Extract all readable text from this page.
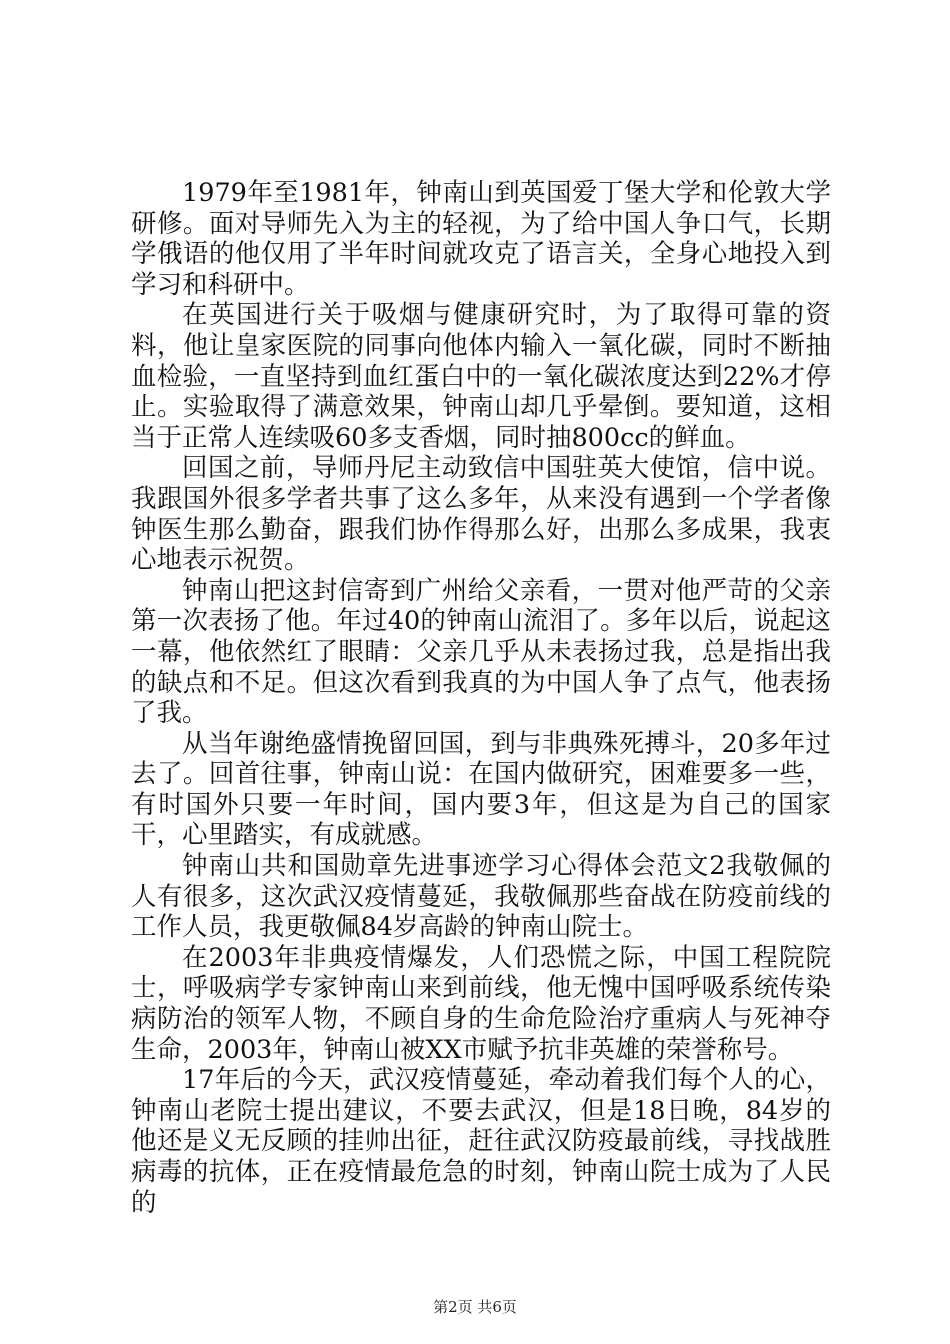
1979年至1981年，钟南山到英国爱丁堡大学和伦敦大学研修。面对导师先入为主的轻视，为了给中国人争口气，长期学俄语的他仅用了半年时间就攻克了语言关，全身心地投入到学习和科研中。

在英国进行关于吸烟与健康研究时，为了取得可靠的资料，他让皇家医院的同事向他体内输入一氧化碳，同时不断抽血检验，一直坚持到血红蛋白中的一氧化碳浓度达到22%才停止。实验取得了满意效果，钟南山却几乎晕倒。要知道，这相当于正常人连续吸60多支香烟，同时抽800cc的鲜血。

回国之前，导师丹尼主动致信中国驻英大使馆，信中说。我跟国外很多学者共事了这么多年，从来没有遇到一个学者像钟医生那么勤奋，跟我们协作得那么好，出那么多成果，我衷心地表示祝贺。

钟南山把这封信寄到广州给父亲看，一贯对他严苛的父亲第一次表扬了他。年过40的钟南山流泪了。多年以后，说起这一幕，他依然红了眼睛：父亲几乎从未表扬过我，总是指出我的缺点和不足。但这次看到我真的为中国人争了点气，他表扬了我。

从当年谢绝盛情挽留回国，到与非典殊死搏斗，20多年过去了。回首往事，钟南山说：在国内做研究，困难要多一些，有时国外只要一年时间，国内要3年，但这是为自己的国家干，心里踏实，有成就感。

钟南山共和国勋章先进事迹学习心得体会范文2我敬佩的人有很多，这次武汉疫情蔓延，我敬佩那些奋战在防疫前线的工作人员，我更敬佩84岁高龄的钟南山院士。

在2003年非典疫情爆发，人们恐慌之际，中国工程院院士，呼吸病学专家钟南山来到前线，他无愧中国呼吸系统传染病防治的领军人物，不顾自身的生命危险治疗重病人与死神夺生命，2003年，钟南山被XX市赋予抗非英雄的荣誉称号。

17年后的今天，武汉疫情蔓延，牵动着我们每个人的心，钟南山老院士提出建议，不要去武汉，但是18日晚，84岁的他还是义无反顾的挂帅出征，赶往武汉防疫最前线，寻找战胜病毒的抗体，正在疫情最危急的时刻，钟南山院士成为了人民的

第2页 共6页
